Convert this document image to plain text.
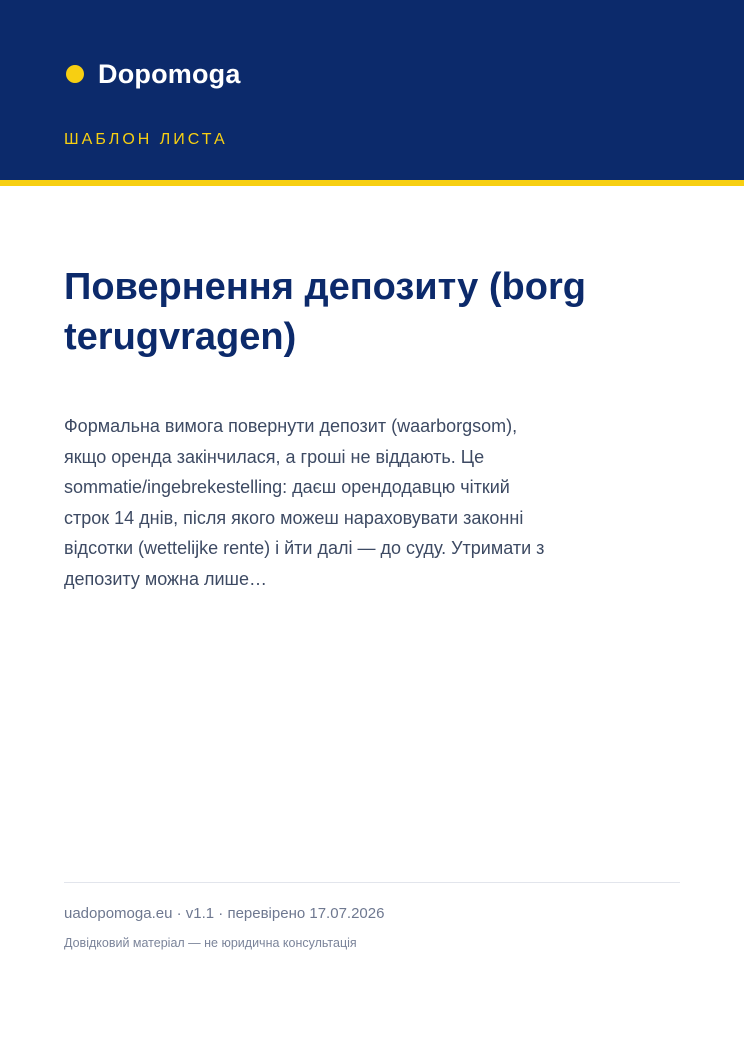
Dopomoga
ШАБЛОН ЛИСТА
Повернення депозиту (borg terugvragen)

Формальна вимога повернути депозит (waarborgsom), якщо оренда закінчилася, а гроші не віддають. Це sommatie/ingebrekestelling: даєш орендодавцю чіткий строк 14 днів, після якого можеш нараховувати законні відсотки (wettelijke rente) і йти далі — до суду. Утримати з депозиту можна лише…

uadopomoga.eu · v1.1 · перевірено 17.07.2026
Довідковий матеріал — не юридична консультація
